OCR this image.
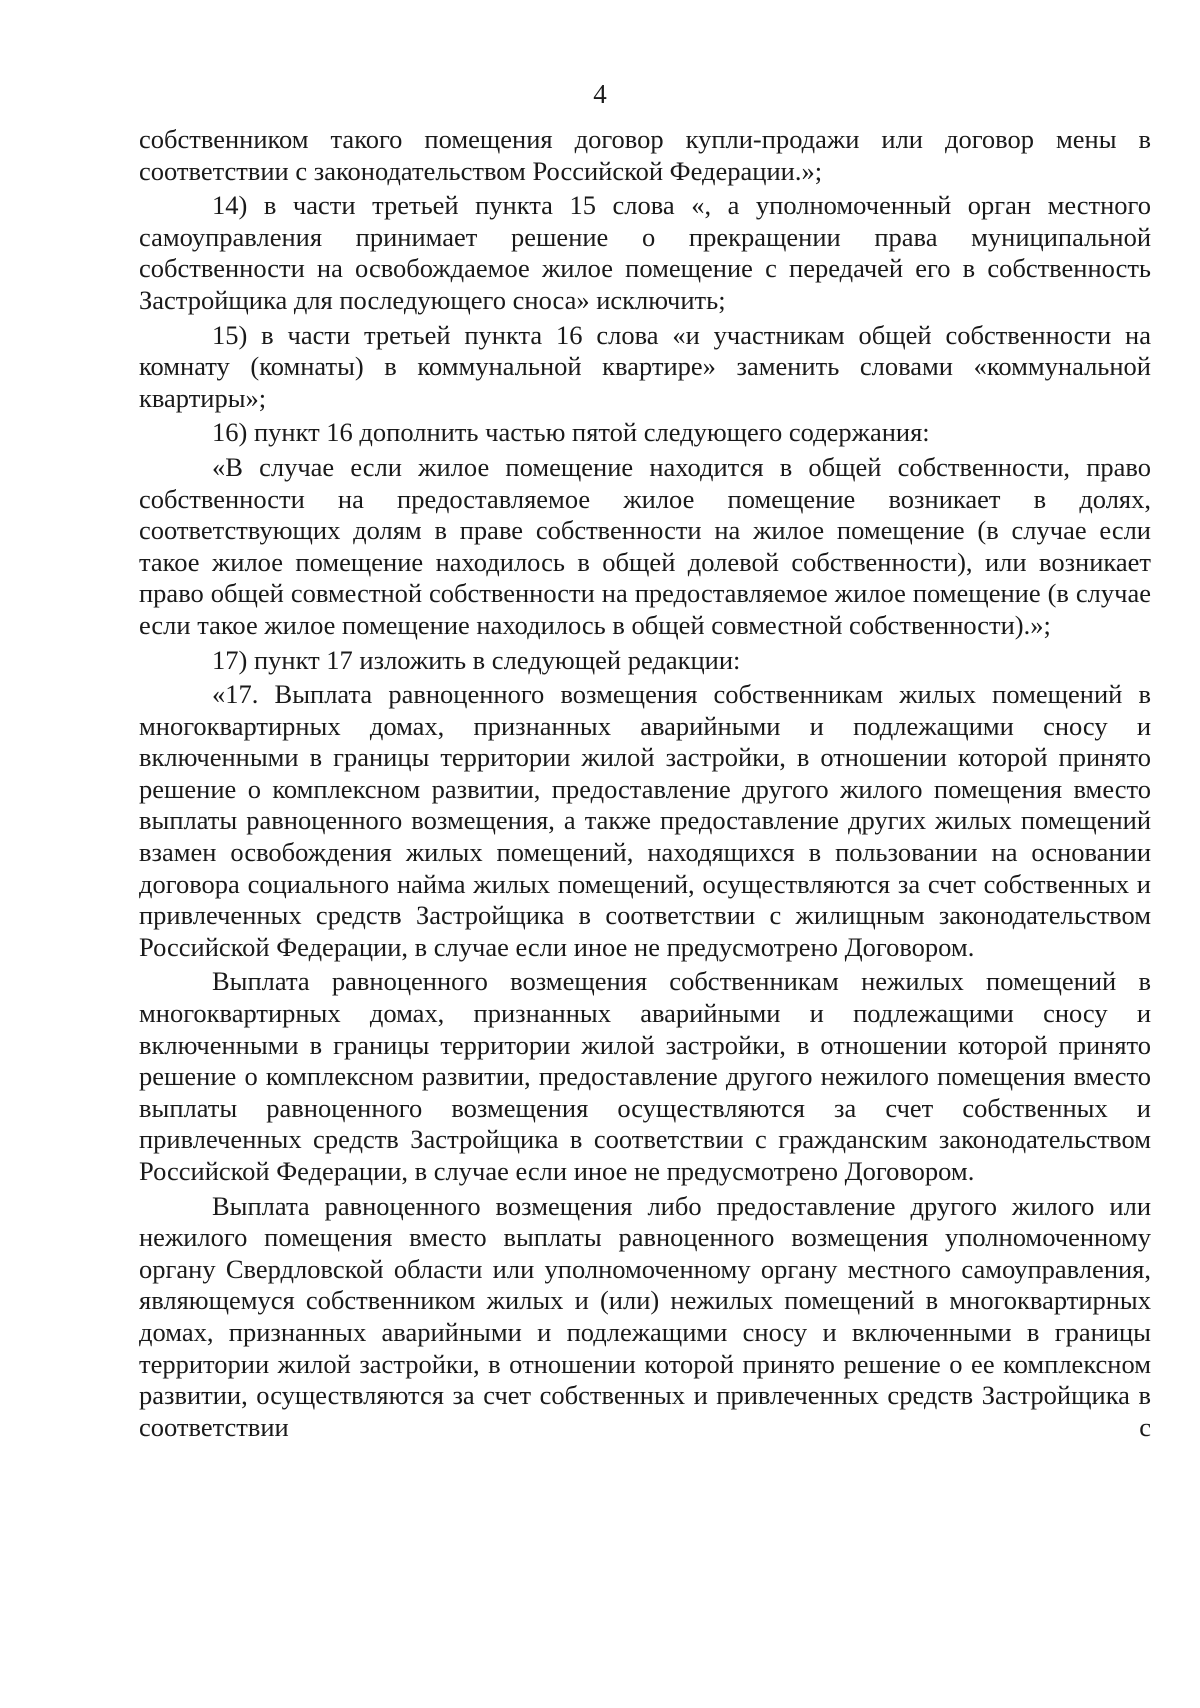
4

собственником такого помещения договор купли-продажи или договор мены в соответствии с законодательством Российской Федерации.»;

14) в части третьей пункта 15 слова «, а уполномоченный орган местного самоуправления принимает решение о прекращении права муниципальной собственности на освобождаемое жилое помещение с передачей его в собственность Застройщика для последующего сноса» исключить;

15) в части третьей пункта 16 слова «и участникам общей собственности на комнату (комнаты) в коммунальной квартире» заменить словами «коммунальной квартиры»;

16) пункт 16 дополнить частью пятой следующего содержания:

«В случае если жилое помещение находится в общей собственности, право собственности на предоставляемое жилое помещение возникает в долях, соответствующих долям в праве собственности на жилое помещение (в случае если такое жилое помещение находилось в общей долевой собственности), или возникает право общей совместной собственности на предоставляемое жилое помещение (в случае если такое жилое помещение находилось в общей совместной собственности).»;

17) пункт 17 изложить в следующей редакции:

«17. Выплата равноценного возмещения собственникам жилых помещений в многоквартирных домах, признанных аварийными и подлежащими сносу и включенными в границы территории жилой застройки, в отношении которой принято решение о комплексном развитии, предоставление другого жилого помещения вместо выплаты равноценного возмещения, а также предоставление других жилых помещений взамен освобождения жилых помещений, находящихся в пользовании на основании договора социального найма жилых помещений, осуществляются за счет собственных и привлеченных средств Застройщика в соответствии с жилищным законодательством Российской Федерации, в случае если иное не предусмотрено Договором.

Выплата равноценного возмещения собственникам нежилых помещений в многоквартирных домах, признанных аварийными и подлежащими сносу и включенными в границы территории жилой застройки, в отношении которой принято решение о комплексном развитии, предоставление другого нежилого помещения вместо выплаты равноценного возмещения осуществляются за счет собственных и привлеченных средств Застройщика в соответствии с гражданским законодательством Российской Федерации, в случае если иное не предусмотрено Договором.

Выплата равноценного возмещения либо предоставление другого жилого или нежилого помещения вместо выплаты равноценного возмещения уполномоченному органу Свердловской области или уполномоченному органу местного самоуправления, являющемуся собственником жилых и (или) нежилых помещений в многоквартирных домах, признанных аварийными и подлежащими сносу и включенными в границы территории жилой застройки, в отношении которой принято решение о ее комплексном развитии, осуществляются за счет собственных и привлеченных средств Застройщика в соответствии с
